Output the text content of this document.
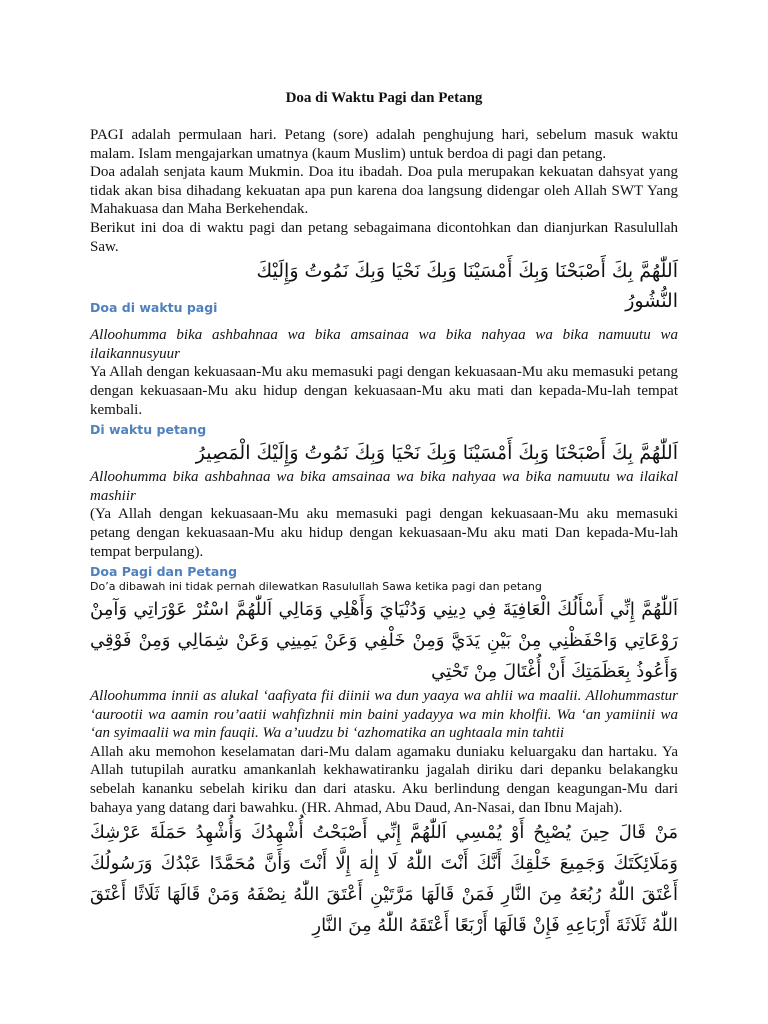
Doa di Waktu Pagi dan Petang

PAGI adalah permulaan hari. Petang (sore) adalah penghujung hari, sebelum masuk waktu malam. Islam mengajarkan umatnya (kaum Muslim) untuk berdoa di pagi dan petang.

Doa adalah senjata kaum Mukmin. Doa itu ibadah. Doa pula merupakan kekuatan dahsyat yang tidak akan bisa dihadang kekuatan apa pun karena doa langsung didengar oleh Allah SWT Yang Mahakuasa dan Maha Berkehendak.

Berikut ini doa di waktu pagi dan petang sebagaimana dicontohkan dan dianjurkan Rasulullah Saw.

Doa di waktu pagi

اَللّٰهُمَّ بِكَ أَصْبَحْنَا وَبِكَ أَمْسَيْنَا وَبِكَ نَحْيَا وَبِكَ نَمُوتُ وَإِلَيْكَ النُّشُورُ

Alloohumma bika ashbahnaa wa bika amsainaa wa bika nahyaa wa bika namuutu wa ilaikannusyuur

Ya Allah dengan kekuasaan-Mu aku memasuki pagi dengan kekuasaan-Mu aku memasuki petang dengan kekuasaan-Mu aku hidup dengan kekuasaan-Mu aku mati dan kepada-Mu-lah tempat kembali.

Di waktu petang

اَللّٰهُمَّ بِكَ أَصْبَحْنَا وَبِكَ أَمْسَيْنَا وَبِكَ نَحْيَا وَبِكَ نَمُوتُ وَإِلَيْكَ الْمَصِيرُ

Alloohumma bika ashbahnaa wa bika amsainaa wa bika nahyaa wa bika namuutu wa ilaikal mashiir

(Ya Allah dengan kekuasaan-Mu aku memasuki pagi dengan kekuasaan-Mu aku memasuki petang dengan kekuasaan-Mu aku hidup dengan kekuasaan-Mu aku mati Dan kepada-Mu-lah tempat berpulang).

Doa Pagi dan Petang

Do’a dibawah ini tidak pernah dilewatkan Rasulullah Sawa ketika pagi dan petang

اَللّٰهُمَّ إِنِّي أَسْأَلُكَ الْعَافِيَةَ فِي دِينِي وَدُنْيَايَ وَأَهْلِي وَمَالِي اَللّٰهُمَّ اسْتُرْ عَوْرَاتِي وَآمِنْ رَوْعَاتِي وَاحْفَظْنِي مِنْ بَيْنِ يَدَيَّ وَمِنْ خَلْفِي وَعَنْ يَمِينِي وَعَنْ شِمَالِي وَمِنْ فَوْقِي وَأَعُوذُ بِعَظَمَتِكَ أَنْ أُغْتَالَ مِنْ تَحْتِي

Alloohumma innii as alukal ‘aafiyata fii diinii wa dun yaaya wa ahlii wa maalii. Allohummastur ‘aurootii wa aamin rou’aatii wahfizhnii min baini yadayya wa min kholfii. Wa ‘an yamiinii wa ‘an syimaalii wa min fauqii. Wa a’uudzu bi ‘azhomatika an ughtaala min tahtii

Allah aku memohon keselamatan dari-Mu dalam agamaku duniaku keluargaku dan hartaku. Ya Allah tutupilah auratku amankanlah kekhawatiranku jagalah diriku dari depanku belakangku sebelah kananku sebelah kiriku dan dari atasku. Aku berlindung dengan keagungan-Mu dari bahaya yang datang dari bawahku. (HR. Ahmad, Abu Daud, An-Nasai, dan Ibnu Majah).

مَنْ قَالَ حِينَ يُصْبِحُ أَوْ يُمْسِي اَللّٰهُمَّ إِنِّي أَصْبَحْتُ أُشْهِدُكَ وَأُشْهِدُ حَمَلَةَ عَرْشِكَ وَمَلَائِكَتَكَ وَجَمِيعَ خَلْقِكَ أَنَّكَ أَنْتَ اللّٰهُ لَا إِلٰهَ إِلَّا أَنْتَ وَأَنَّ مُحَمَّدًا عَبْدُكَ وَرَسُولُكَ أَعْتَقَ اللّٰهُ رُبُعَهُ مِنَ النَّارِ فَمَنْ قَالَهَا مَرَّتَيْنِ أَعْتَقَ اللّٰهُ نِصْفَهُ وَمَنْ قَالَهَا ثَلَاثًا أَعْتَقَ اللّٰهُ ثَلَاثَةَ أَرْبَاعِهِ فَإِنْ قَالَهَا أَرْبَعًا أَعْتَقَهُ اللّٰهُ مِنَ النَّارِ
